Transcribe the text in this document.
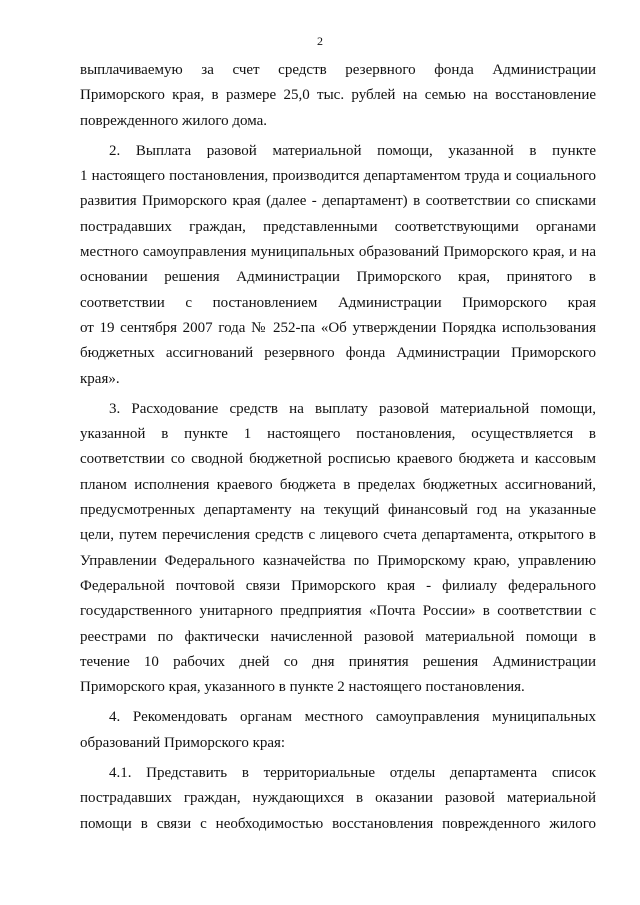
2
выплачиваемую за счет средств резервного фонда Администрации
Приморского края, в размере 25,0 тыс. рублей на семью на восстановление
поврежденного жилого дома.
2. Выплата разовой материальной помощи, указанной в пункте
1 настоящего постановления, производится департаментом труда и социального
развития Приморского края (далее - департамент) в соответствии со списками
пострадавших граждан, представленными соответствующими органами
местного самоуправления муниципальных образований Приморского края, и на
основании решения Администрации Приморского края, принятого в
соответствии с постановлением Администрации Приморского края
от 19 сентября 2007 года № 252-па «Об утверждении Порядка использования
бюджетных ассигнований резервного фонда Администрации Приморского
края».
3. Расходование средств на выплату разовой материальной помощи,
указанной в пункте 1 настоящего постановления, осуществляется в
соответствии со сводной бюджетной росписью краевого бюджета и кассовым
планом исполнения краевого бюджета в пределах бюджетных ассигнований,
предусмотренных департаменту на текущий финансовый год на указанные
цели, путем перечисления средств с лицевого счета департамента, открытого в
Управлении Федерального казначейства по Приморскому краю, управлению
Федеральной почтовой связи Приморского края - филиалу федерального
государственного унитарного предприятия «Почта России» в соответствии с
реестрами по фактически начисленной разовой материальной помощи в
течение 10 рабочих дней со дня принятия решения Администрации
Приморского края, указанного в пункте 2 настоящего постановления.
4. Рекомендовать органам местного самоуправления муниципальных
образований Приморского края:
4.1. Представить в территориальные отделы департамента список
пострадавших граждан, нуждающихся в оказании разовой материальной
помощи в связи с необходимостью восстановления поврежденного жилого
